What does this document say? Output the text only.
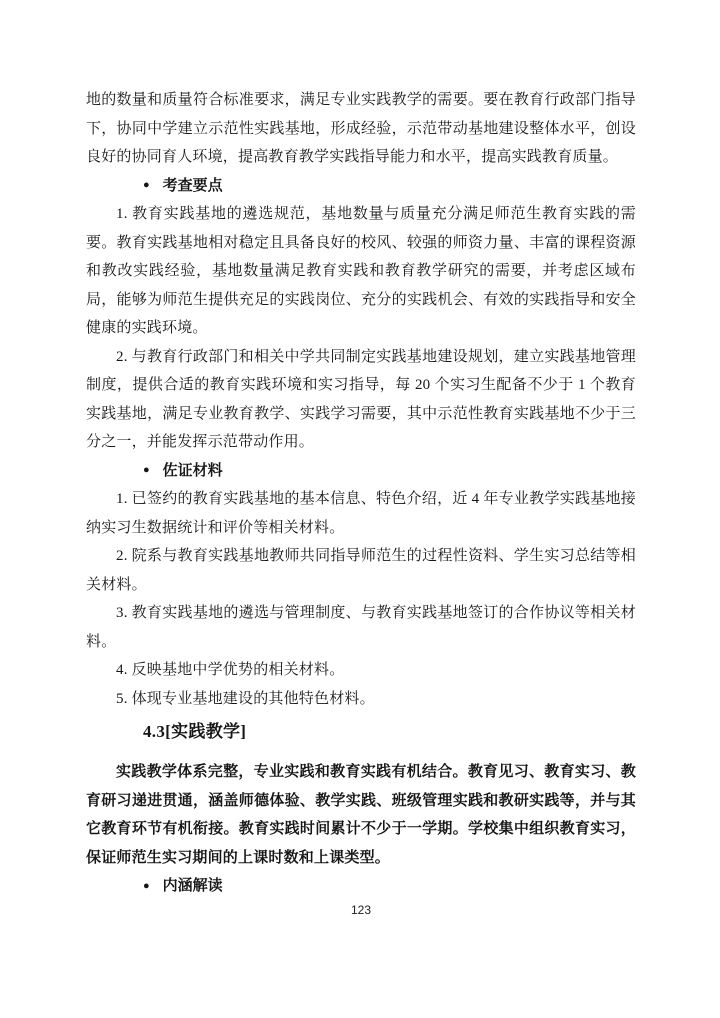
地的数量和质量符合标准要求，满足专业实践教学的需要。要在教育行政部门指导下，协同中学建立示范性实践基地，形成经验，示范带动基地建设整体水平，创设良好的协同育人环境，提高教育教学实践指导能力和水平，提高实践教育质量。

● 考查要点

1. 教育实践基地的遴选规范，基地数量与质量充分满足师范生教育实践的需要。教育实践基地相对稳定且具备良好的校风、较强的师资力量、丰富的课程资源和教改实践经验，基地数量满足教育实践和教育教学研究的需要，并考虑区域布局，能够为师范生提供充足的实践岗位、充分的实践机会、有效的实践指导和安全健康的实践环境。

2. 与教育行政部门和相关中学共同制定实践基地建设规划，建立实践基地管理制度，提供合适的教育实践环境和实习指导，每 20 个实习生配备不少于 1 个教育实践基地，满足专业教育教学、实践学习需要，其中示范性教育实践基地不少于三分之一，并能发挥示范带动作用。

● 佐证材料

1. 已签约的教育实践基地的基本信息、特色介绍，近 4 年专业教学实践基地接纳实习生数据统计和评价等相关材料。

2. 院系与教育实践基地教师共同指导师范生的过程性资料、学生实习总结等相关材料。

3. 教育实践基地的遴选与管理制度、与教育实践基地签订的合作协议等相关材料。

4. 反映基地中学优势的相关材料。

5. 体现专业基地建设的其他特色材料。

4.3[实践教学]

实践教学体系完整，专业实践和教育实践有机结合。教育见习、教育实习、教育研习递进贯通，涵盖师德体验、教学实践、班级管理实践和教研实践等，并与其它教育环节有机衔接。教育实践时间累计不少于一学期。学校集中组织教育实习，保证师范生实习期间的上课时数和上课类型。

● 内涵解读
123
